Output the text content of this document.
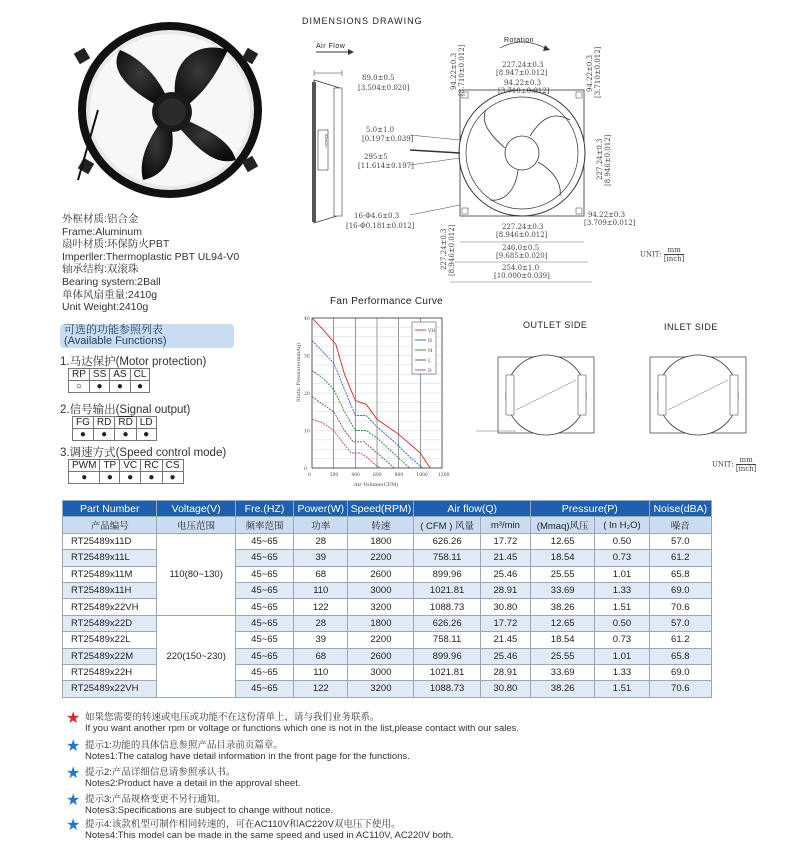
外框材质:铝合金
Frame:Aluminum
扇叶材质:环保防火PBT
Imperller:Thermoplastic PBT UL94-V0
轴承结构:双滚珠
Bearing system:2Ball
单体风扇重量:2410g
Unit Weight:2410g
可选的功能参照列表
(Available Functions)
1.马达保护(Motor protection)
RP	SS	AS	CL
○	●	●	●
2.信号输出(Signal output)
FG	RD	$\overline{RD}$	LD
●	●	●	●
3.调速方式(Speed control mode)
PWM	TP	VC	RC	CS
●	●	●	●	●
DIMENSIONS DRAWING
Air Flow
Kinsoo
89.0±0.5
[3.504±0.020]
5.0±1.0
[0.197±0.039]
295±5
[11.614±0.197]
16-Φ4.6±0.3
[16-Φ0.181±0.012]
Rotation
227.24±0.3
[8.947±0.012]
94.22±0.3
[3.710±0.012]
227.24±0.3
[8.946±0.012]
246.0±0.5
[9.685±0.020]
254.0±1.0
[10.000±0.039]
94.22±0.3
[3.709±0.012]
227.24±0.3 [8.946±0.012]
94.22±0.3 [3.710±0.012]	94.22±0.3 [3.710±0.012]
227.24±0.3 [8.946±0.012]
UNIT:
mm
[inch]
Fan Performance Curve
VH
H
M
L
D
0	200	400	600	800	1000 1200
0
10
20
30
40
Static Pressure(mmAq)
Air Volume(CFM)
OUTLET SIDE	INLET SIDE
UNIT:
mm
[inch]
Part Number	Voltage(V)	Fre.(HZ)	Power(W)	Speed(RPM)	Air flow(Q)		Pressure(P)		Noise(dBA)
产品编号	电压范围	频率范围	功率	转速	( CFM ) 风量	m³/min	(Mmaq)风压	( In H₂O)	噪音
RT25489x11D	110(80~130)	45~65	28	1800	626.26	17.72	12.65	0.50	57.0
RT25489x11L		45~65	39	2200	758.11	21.45	18.54	0.73	61.2
RT25489x11M		45~65	68	2600	899.96	25.46	25.55	1.01	65.8
RT25489x11H		45~65	110	3000	1021.81	28.91	33.69	1.33	69.0
RT25489x22VH		45~65	122	3200	1088.73	30.80	38.26	1.51	70.6
RT25489x22D	220(150~230)	45~65	28	1800	626.26	17.72	12.65	0.50	57.0
RT25489x22L		45~65	39	2200	758.11	21.45	18.54	0.73	61.2
RT25489x22M		45~65	68	2600	899.96	25.46	25.55	1.01	65.8
RT25489x22H		45~65	110	3000	1021.81	28.91	33.69	1.33	69.0
RT25489x22VH		45~65	122	3200	1088.73	30.80	38.26	1.51	70.6
★ 如果您需要的转速或电压或功能不在这份清单上，请与我们业务联系。
If you want another rpm or voltage or functions which one is not in the list,please contact with our sales.
★ 提示1:功能的具体信息参照产品目录前页篇章。
Notes1:The catalog have detail information in the front page for the functions.
★ 提示2:产品详细信息请参照承认书。
Notes2:Product have a detail in the approval sheet.
★ 提示3:产品规格变更不另行通知。
Notes3:Specifications are subject to change without notice.
★ 提示4:该款机型可制作相同转速的，可在AC110V和AC220V双电压下使用。
Notes4:This model can be made in the same speed and used in AC110V, AC220V both.
